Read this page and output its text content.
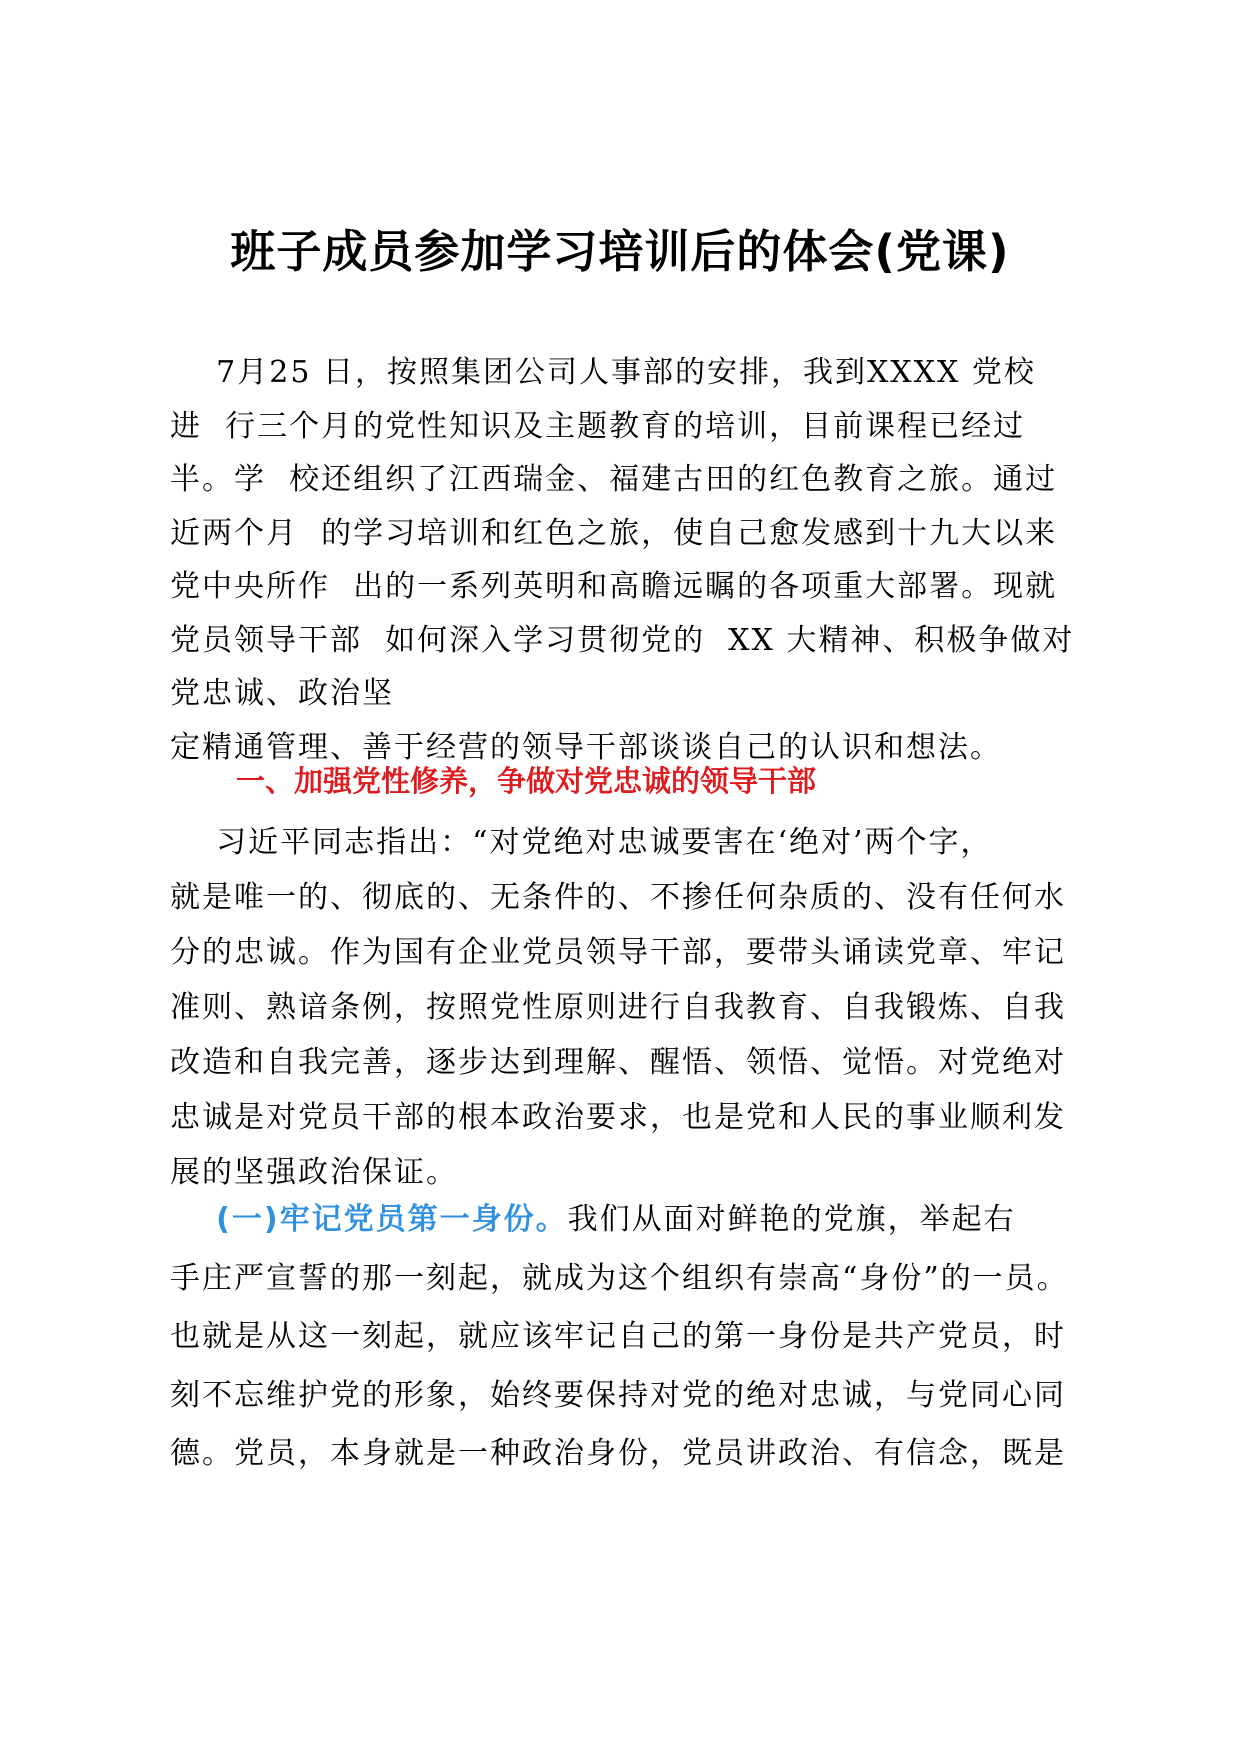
班子成员参加学习培训后的体会(党课)
7月25 日，按照集团公司人事部的安排，我到XXXX 党校
进  行三个月的党性知识及主题教育的培训，目前课程已经过
半。学  校还组织了江西瑞金、福建古田的红色教育之旅。通过
近两个月  的学习培训和红色之旅，使自己愈发感到十九大以来
党中央所作  出的一系列英明和高瞻远瞩的各项重大部署。现就
党员领导干部  如何深入学习贯彻党的  XX 大精神、积极争做对
党忠诚、政治坚
定精通管理、善于经营的领导干部谈谈自己的认识和想法。
一、加强党性修养，争做对党忠诚的领导干部
习近平同志指出：“对党绝对忠诚要害在‘绝对’两个字，
就是唯一的、彻底的、无条件的、不掺任何杂质的、没有任何水
分的忠诚。作为国有企业党员领导干部，要带头诵读党章、牢记
准则、熟谙条例，按照党性原则进行自我教育、自我锻炼、自我
改造和自我完善，逐步达到理解、醒悟、领悟、觉悟。对党绝对
忠诚是对党员干部的根本政治要求，也是党和人民的事业顺利发
展的坚强政治保证。
(一)牢记党员第一身份。我们从面对鲜艳的党旗，举起右
手庄严宣誓的那一刻起，就成为这个组织有崇高“身份”的一员。
也就是从这一刻起，就应该牢记自己的第一身份是共产党员，时
刻不忘维护党的形象，始终要保持对党的绝对忠诚，与党同心同
德。党员，本身就是一种政治身份，党员讲政治、有信念，既是
